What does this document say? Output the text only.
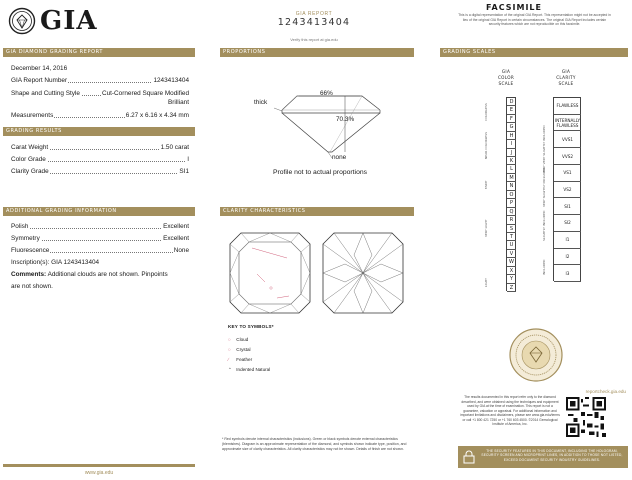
GIA	GIA REPORT
1243413404
Verify this report at gia.edu
FACSIMILE
This is a digital representation of the original GIA Report. This representation might not be accepted in lieu of the original GIA Report in certain circumstances. The original GIA Report includes certain security features which are not reproducible on this facsimile.
GIA DIAMOND GRADING REPORT
December 14, 2016
GIA Report Number	1243413404
Shape and Cutting Style	Cut-Cornered Square Modified
Brilliant
Measurements	6.27 x 6.16 x 4.34 mm
GRADING RESULTS
Carat Weight	1.50 carat
Color Grade	I
Clarity Grade	SI1
ADDITIONAL GRADING INFORMATION
Polish	Excellent
Symmetry	Excellent
Fluorescence	None
Inscription(s): GIA 1243413404
Comments: Additional clouds are not shown. Pinpoints
are not shown.
www.gia.edu
PROPORTIONS
66%
70.3%
thick
none
Profile not to actual proportions
CLARITY CHARACTERISTICS
KEY TO SYMBOLS*
○ Cloud
○ Crystal
∕ Feather
⌃ Indented Natural
* Red symbols denote internal characteristics (inclusions). Green or black symbols denote external characteristics (blemishes). Diagram is an approximate representation of the diamond, and symbols shown indicate type, position, and approximate size of clarity characteristics. All clarity characteristics may not be shown. Details of finish are not shown.
GRADING SCALES
GIA
COLOR
SCALE
GIA
CLARITY
SCALE
D
E
F
G
H
I
J
K
L
M
N
O
P
Q
R
S
T
U
V
W
X
Y
Z
COLORLESS
NEAR COLORLESS
FAINT
VERY LIGHT
LIGHT
FLAWLESS
INTERNALLY FLAWLESS
VVS1
VVS2
VS1
VS2
SI1
SI2
I1
I2
I3
VERY VERY SLIGHTLY INCLUDED
VERY SLIGHTLY INCLUDED
SLIGHTLY INCLUDED
INCLUDED
reportcheck.gia.edu
The results documented in this report refer only to the diamond described, and were obtained using the techniques and equipment used by GIA at the time of examination. This report is not a guarantee, valuation or appraisal. For additional information and important limitations and disclaimers, please see www.gia.edu/terms or call +1 800 421 7250 or +1 760 603 4500. ©2014 Gemological Institute of America, Inc.
THE SECURITY FEATURES IN THIS DOCUMENT, INCLUDING THE HOLOGRAM, SECURITY SCREEN AND MICROPRINT LINES, IN ADDITION TO THOSE NOT LISTED, EXCEED DOCUMENT SECURITY INDUSTRY GUIDELINES.
